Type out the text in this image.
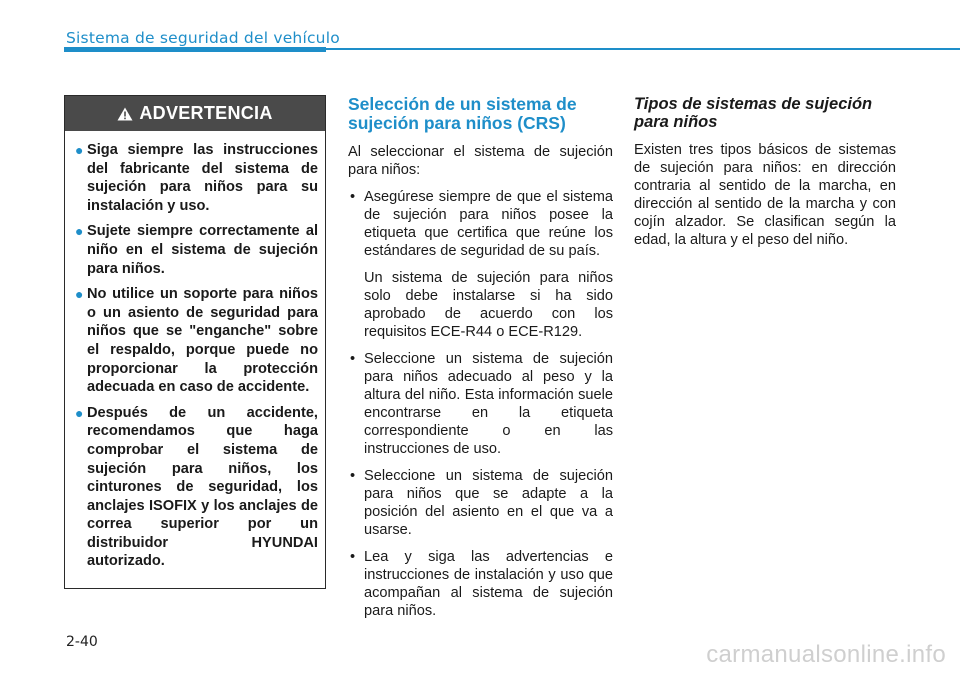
Sistema de seguridad del vehículo
ADVERTENCIA
● Siga siempre las instrucciones del fabricante del sistema de sujeción para niños para su instalación y uso.
● Sujete siempre correctamente al niño en el sistema de sujeción para niños.
● No utilice un soporte para niños o un asiento de seguridad para niños que se "enganche" sobre el respaldo, porque puede no proporcionar la protección adecuada en caso de accidente.
● Después de un accidente, recomendamos que haga comprobar el sistema de sujeción para niños, los cinturones de seguridad, los anclajes ISOFIX y los anclajes de correa superior por un distribuidor HYUNDAI autorizado.
Selección de un sistema de sujeción para niños (CRS)

Al seleccionar el sistema de sujeción para niños:

• Asegúrese siempre de que el sistema de sujeción para niños posee la etiqueta que certifica que reúne los estándares de seguridad de su país.
Un sistema de sujeción para niños solo debe instalarse si ha sido aprobado de acuerdo con los requisitos ECE-R44 o ECE-R129.
• Seleccione un sistema de sujeción para niños adecuado al peso y la altura del niño. Esta información suele encontrarse en la etiqueta correspondiente o en las instrucciones de uso.
• Seleccione un sistema de sujeción para niños que se adapte a la posición del asiento en el que va a usarse.
• Lea y siga las advertencias e instrucciones de instalación y uso que acompañan al sistema de sujeción para niños.
Tipos de sistemas de sujeción para niños

Existen tres tipos básicos de sistemas de sujeción para niños: en dirección contraria al sentido de la marcha, en dirección al sentido de la marcha y con cojín alzador. Se clasifican según la edad, la altura y el peso del niño.

2-40	carmanualsonline.info
